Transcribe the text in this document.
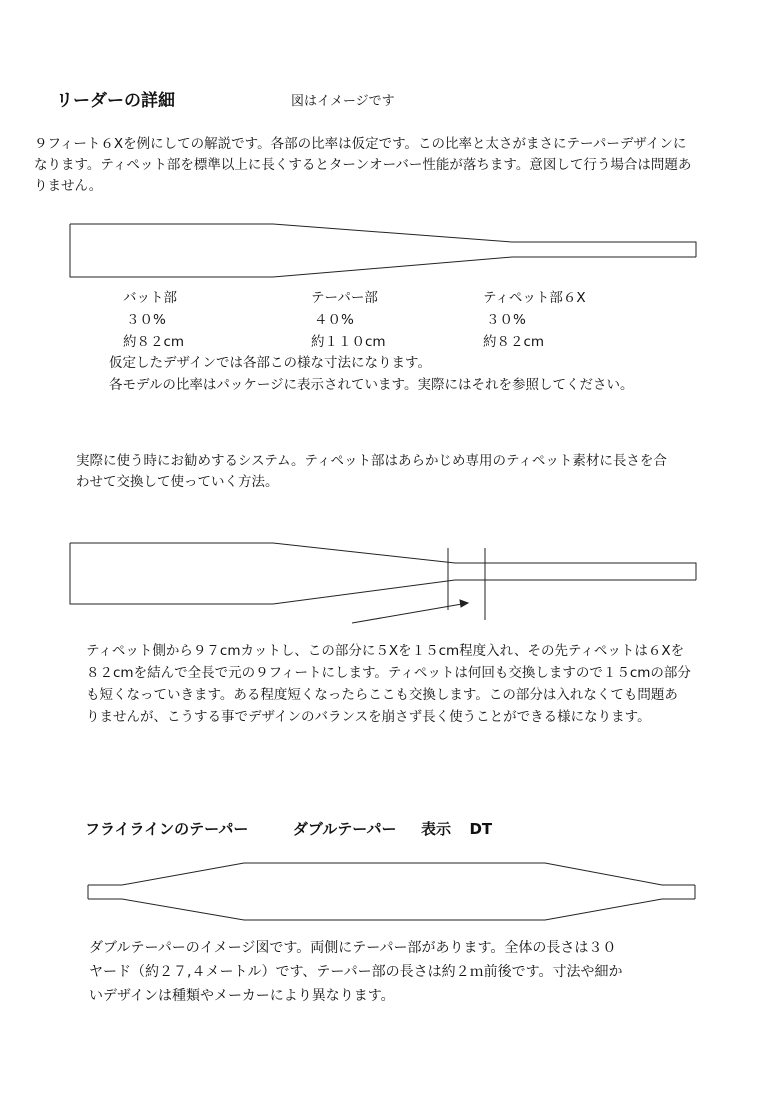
リーダーの詳細	図はイメージです
９フィート６Xを例にしての解説です。各部の比率は仮定です。この比率と太さがまさにテーパーデザインに
なります。ティペット部を標準以上に長くするとターンオーバー性能が落ちます。意図して行う場合は問題あ
りません。
バット部
３０%
約８２cm
テーパー部
４０%
約１１０cm
ティペット部６X
３０%
約８２cm
仮定したデザインでは各部この様な寸法になります。
各モデルの比率はパッケージに表示されています。実際にはそれを参照してください。
実際に使う時にお勧めするシステム。ティペット部はあらかじめ専用のティペット素材に長さを合
わせて交換して使っていく方法。
ティペット側から９７cmカットし、この部分に５Xを１５cm程度入れ、その先ティペットは６Xを
８２cmを結んで全長で元の９フィートにします。ティペットは何回も交換しますので１５cmの部分
も短くなっていきます。ある程度短くなったらここも交換します。この部分は入れなくても問題あ
りませんが、こうする事でデザインのバランスを崩さず長く使うことができる様になります。
フライラインのテーパー	ダブルテーパー 表示 DT
ダブルテーパーのイメージ図です。両側にテーパー部があります。全体の長さは３０
ヤード（約２７,４メートル）です、テーパー部の長さは約２ｍ前後です。寸法や細か
いデザインは種類やメーカーにより異なります。
